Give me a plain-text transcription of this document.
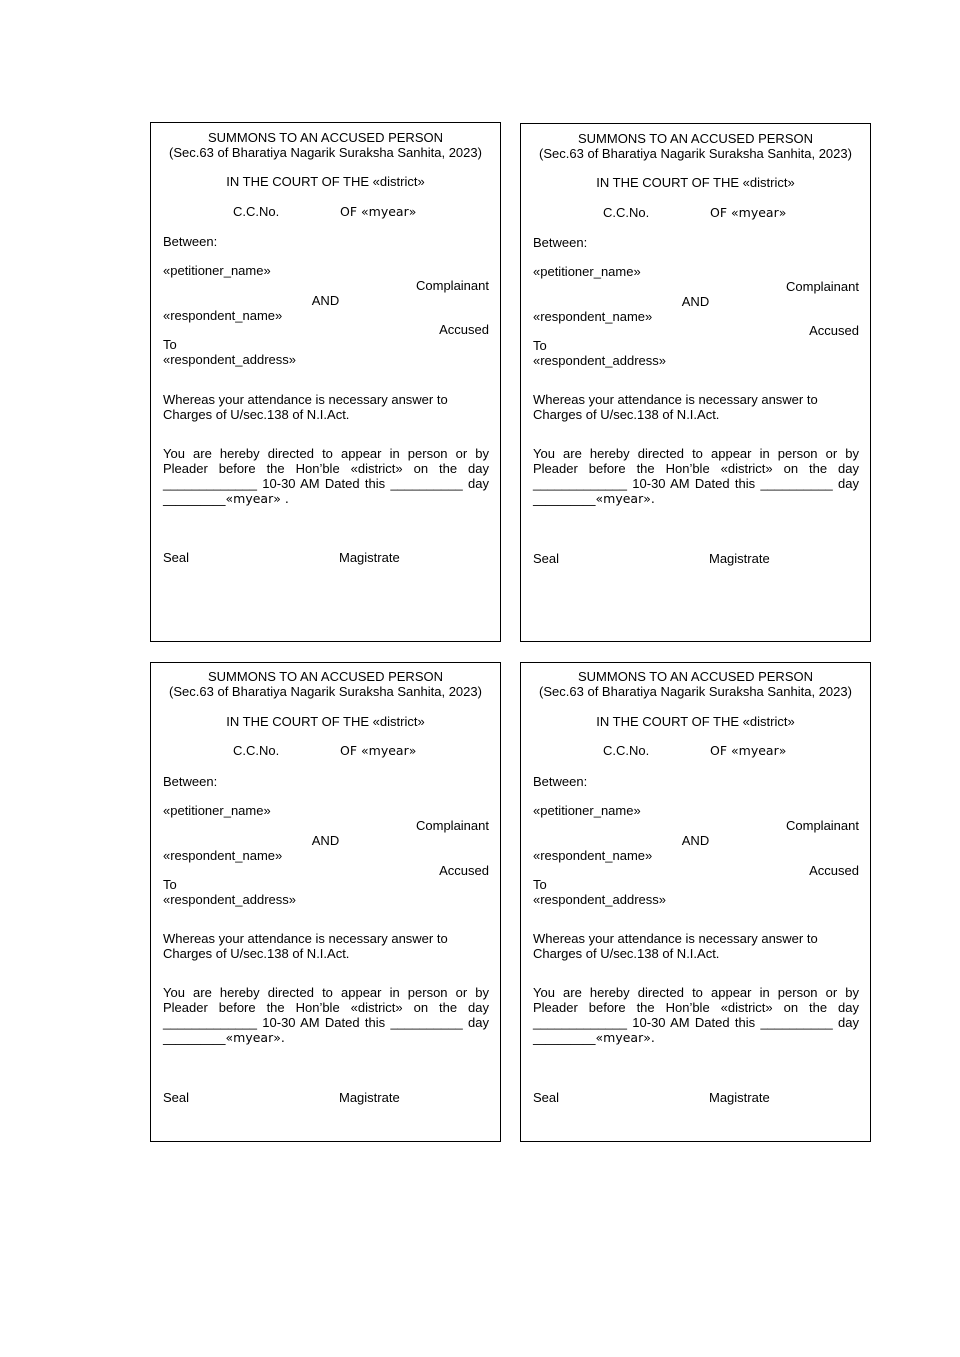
SUMMONS TO AN ACCUSED PERSON
(Sec.63 of Bharatiya Nagarik Suraksha Sanhita, 2023)
IN THE COURT OF THE «district»
C.C.No.	OF «myear»
Between:
«petitioner_name»
Complainant
AND
«respondent_name»
Accused
To
«respondent_address»
Whereas your attendance is necessary answer to
Charges of U/sec.138 of N.I.Act.
You are hereby directed to appear in person or by
Pleader before the Hon’ble «district» on the day
_____________ 10-30 AM Dated this __________ day
__________«myear» .
Seal	Magistrate
SUMMONS TO AN ACCUSED PERSON
(Sec.63 of Bharatiya Nagarik Suraksha Sanhita, 2023)
IN THE COURT OF THE «district»
C.C.No.	OF «myear»
Between:
«petitioner_name»
Complainant
AND
«respondent_name»
Accused
To
«respondent_address»
Whereas your attendance is necessary answer to
Charges of U/sec.138 of N.I.Act.
You are hereby directed to appear in person or by
Pleader before the Hon’ble «district» on the day
_____________ 10-30 AM Dated this __________ day
__________«myear».
Seal	Magistrate
SUMMONS TO AN ACCUSED PERSON
(Sec.63 of Bharatiya Nagarik Suraksha Sanhita, 2023)
IN THE COURT OF THE «district»
C.C.No.	OF «myear»
Between:
«petitioner_name»
Complainant
AND
«respondent_name»
Accused
To
«respondent_address»
Whereas your attendance is necessary answer to
Charges of U/sec.138 of N.I.Act.
You are hereby directed to appear in person or by
Pleader before the Hon’ble «district» on the day
_____________ 10-30 AM Dated this __________ day
__________«myear».
Seal	Magistrate
SUMMONS TO AN ACCUSED PERSON
(Sec.63 of Bharatiya Nagarik Suraksha Sanhita, 2023)
IN THE COURT OF THE «district»
C.C.No.	OF «myear»
Between:
«petitioner_name»
Complainant
AND
«respondent_name»
Accused
To
«respondent_address»
Whereas your attendance is necessary answer to
Charges of U/sec.138 of N.I.Act.
You are hereby directed to appear in person or by
Pleader before the Hon’ble «district» on the day
_____________ 10-30 AM Dated this __________ day
__________«myear».
Seal	Magistrate
